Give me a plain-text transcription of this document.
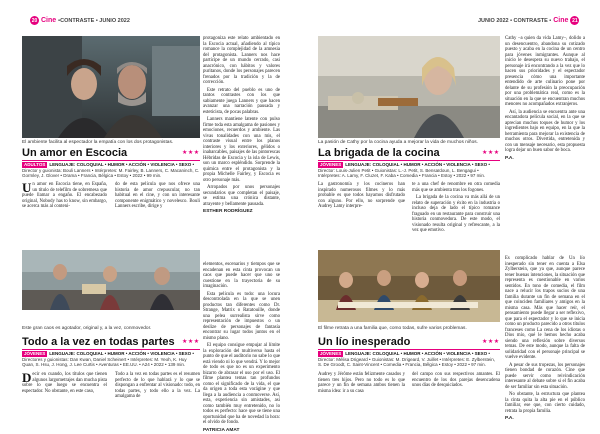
20 Cine •CONTRASTE • JUNIO 2022
El ambiente facilita al espectador la empatía con los dos protagonistas.
Un amor en Escocia	★★★
ADULTOS LENGUAJE: COLOQUIAL • HUMOR • ACCIÓN • VIOLENCIA • SEXO •
Director y guionista: Bouli Lanners • Intérpretes: M. Fairley, B. Lanners, C. Macaninch, C. Gormley, J. Glover • Drama • Francia, Bélgica • Estoy • 2022 • 99 min.

Un amor en Escocia tiene, en España, un título de telefilm de sobremesa que puede llamar a engaño. El encabezado original, Nobody has to know, sin embargo, se acerca más al conteni-

do de esta película que nos ofrece una historia de amor crepuscular, no tan habitual en el cine, y con un interesante componente enigmático y novelesco. Bouli Lanners escribe, dirige y

protagoniza este relato ambientado en la Escocia actual, añadiendo al típico romance la complejidad de la amnesia del protagonista. Lanners nos hace partícipe de un mundo cerrado, casi anacrónico, con hábitos y valores puritanos, donde los personajes parecen frenados por la tradición y la de corrección.

Este retrato del pueblo es uno de tantos contrastes con los que sabiamente juega Lanners y que hacen avanzar una narración pausada y esteticista, de pocas palabras.

Lanners mantiene latente con pulso firme toda esta amalgama de pasiones y emociones, recuerdos y ambiente. Las vivas tonalidades con una mis, el contraste visual entre los planos interiores y los exteriores, gélidos o inabarcables, paisajes de las pintorescas Hébridas de Escocia y la isla de Lewis, son un marco espléndido. Sorprende la química entre el protagonista y la propia Michelle Fairley, y Escocia es otro personaje más.

Arropados por unos personajes secundarios que completan el paisaje, se estima una crónica distante, atrayente y bellamente pausada.

ESTHER RODRÍGUEZ
Este gran caos es agotador, original y, a la vez, conmovedor.
Todo a la vez en todas partes ★★★
JÓVENES LENGUAJE: COLOQUIAL • HUMOR • ACCIÓN • VIOLENCIA • SEXO •
Directores y guionistas: Dan Kwan, Daniel Scheinert • Intérpretes: M. Yeoh, K. Huy Quan, S. Hsu, J. Hong, J. Lee Curtis • Aventuras • EE.UU. • A24 • 2022 • 139 min.

Decir en cuando, los títulos que tienen algunos largometrajes dan mucha pista sobre lo que luego se encuentra el espectador. No obstante, en este caso,

Todo a la vez en todas partes es el resumen perfecto de lo que hablará y lo que se dispongan a enfrentar al visionado: todo, en todas partes, y todo ello a la vez. La amalgama de

elementos, escenarios y tiempos que se encadenan en esta cinta provocan un caos que puede hacer que uno se cuestione en la trayectoria de su imaginación.

Esta película es todo: una locura descontrolada en la que se unen productos tan diferentes como Dr. Strange, Matrix o Ratatouille, donde una pelea surrealista sirve como representación de impuestos o un deslize de personajes de fantasía encontrar su lugar todos juntos en el mismo plano.

El equipo consigue empujar al límite la exploración del multiverso hasta el punto de que el auditorio no sabe lo que está viendo ni lo que vendrá. Y lo mejor de todo es que no es un experimento bizarro de abrasar el uso por el uso. El filme plantea temas tan profundos como el significado de la vida, el que da origen a toda esta vorágine y que llega a la audiencia a conmoverse. Así, esta, experiencia sin amistades, así como también muy entretenido, no lo todos es perfecto: hace que se tiene una oportunidad que ha de novedad la hora: el olvido de fondo.

PATRICIA AMAT
JUNIO 2022 • CONTRASTE • Cine 21
La pasión de Cathy por la cocina ayuda a mejorar la vida de muchos niños.
La brigada de la cocina	★★★
JÓVENES LENGUAJE: COLOQUIAL • HUMOR • ACCIÓN • VIOLENCIA • SEXO •
Director: Louis-Julien Petit • Guionistas: L.-J. Petit, S. Bensaïdoun, L. Bengagui • Intérpretes: A. Lamy, F. Cluzet, F. Kaba • Comedia • Francia • Estoy • 2022 • 97 min.

La gastronomía y los cocineros han inspirado numerosos filmes y lo más probable es que todos hayamos disfrutado con alguno. Por ello, no sorprende que Audrey Lamy interpre-

te a una chef de renombre en otra comedia más que se ambienta tras los fogones.

La brigada de la cocina va más allá de un relato de superación y éxito en la industria o incluso deja de lado el típico romance fraguado en un restaurante para construir una historia conmovedora. De este modo, el visionado resulta original y refrescante, a la vez que emotivo.

Cathy –a quien da vida Lamy–, dolido a un desencuentro, abandona su cotizado puesto y acaba en la cocina de un centro para jóvenes inmigrantes. Aunque al inicio le desespera su nuevo trabajo, el personaje irá encontrando a la vez que lo hacen sus prioridades y el espectador presencia cómo una importante entendido de arte culinario pone por delante de su profesión la preocupación por una problemática real, como es la situación en la que se encuentran muchos menores no acompañados extranjeros.

Así, la audiencia se encuentra ante una encantadora película social, en la que se aprecian muchos toques de humor y los ingredientes bajo en equipo, en la que la herramienta para mejorar la existencia de muchos otros. Divertida, entretenida y con un mensaje necesario, esta propuesta logra dejar un buen sabor de boca.

P.A.
El filme retrata a una familia que, como todas, sufre varios problemas.
Un lío inesperado	★★★
JÓVENES LENGUAJE: COLOQUIAL • HUMOR • ACCIÓN • VIOLENCIA • SEXO •
Director: Mélisa Drigeard • Guionistas: M. Drigeard, V. Juillet • Intérpretes: E. Zylberstein, S. De Groodt, C. Saint-Vincent • Comedia • Francia, Bélgica • Estoy • 2022 • 97 min.

Audrey y Jérôme están felizmente casados y tienen tres hijos. Pero no todo es lo que parece y un fin de semana ambos tienen la misma idea: ir a su casa

del campo con sus respectivos amantes. El encuentro de los dos parejas desencadena unos días de desquiciados.

Es complicado hablar de Un lío inesperado sin tener en cuenta a Elsa Zylberstein, que ya que, aunque parece tener buenas intenciones, la situación que representa es cuestionable en varios sentidos. En tono de comedia, el film nace a relucir los trapos sucios de una familia durante un fin de semana en el que coinciden familiares y amigos en la misma casa. Más que hacer reír, el pensamiento puede llegar a ser reflexivo, que para el espectador y lo que se inicia como un producto parecido a otros títulos franceses como La cena de los idiotas o Dios mío, qué le hemos hecho acaba siendo una reflexión sobre diversos temas. De este modo, aunque la falta de solidaridad con el personaje principal se vuelve evidente.

A pesar de sus tropezas, los personajes tienen bondad de corazón. Cine que puede servir como reivindicación interesante al debate sobre si el fin acaba de ser familiar sin esta situación.

No obstante, la estructura que plantea la cinta quita la alta pie en el público familiar, ese que, con cierto cuidado, retrata la propia familia.

P.A.
